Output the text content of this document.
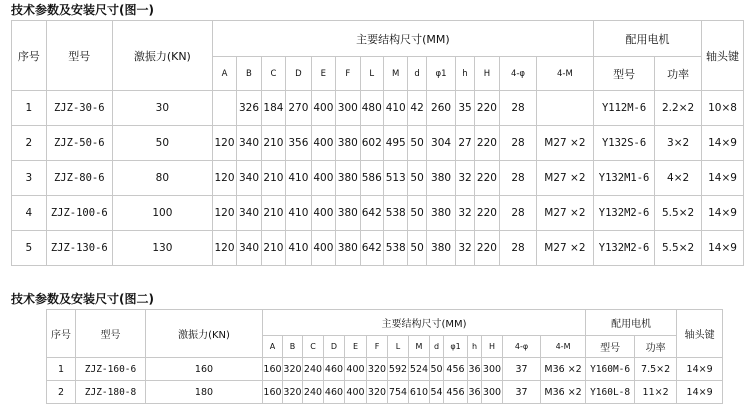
技术参数及安装尺寸(图一)
序号	型号	激振力(KN)	主要结构尺寸(MM)														配用电机		轴头键
			A	B	C	D	E	F	L	M	d	φ1	h	H	4-φ	4-M	型号	功率	
1	ZJZ-30-6	30		326	184	270	400	300	480	410	42	260	35	220	28		Y112M-6	2.2×2	10×8
2	ZJZ-50-6	50	120	340	210	356	400	380	602	495	50	304	27	220	28	M27 ×2	Y132S-6	3×2	14×9
3	ZJZ-80-6	80	120	340	210	410	400	380	586	513	50	380	32	220	28	M27 ×2	Y132M1-6	4×2	14×9
4	ZJZ-100-6	100	120	340	210	410	400	380	642	538	50	380	32	220	28	M27 ×2	Y132M2-6	5.5×2	14×9
5	ZJZ-130-6	130	120	340	210	410	400	380	642	538	50	380	32	220	28	M27 ×2	Y132M2-6	5.5×2	14×9
技术参数及安装尺寸(图二)
序号	型号	激振力(KN)	主要结构尺寸(MM)														配用电机		轴头键
			A	B	C	D	E	F	L	M	d	φ1	h	H	4-φ	4-M	型号	功率	
1	ZJZ-160-6	160	160	320	240	460	400	320	592	524	50	456	36	300	37	M36 ×2	Y160M-6	7.5×2	14×9
2	ZJZ-180-8	180	160	320	240	460	400	320	754	610	54	456	36	300	37	M36 ×2	Y160L-8	11×2	14×9
